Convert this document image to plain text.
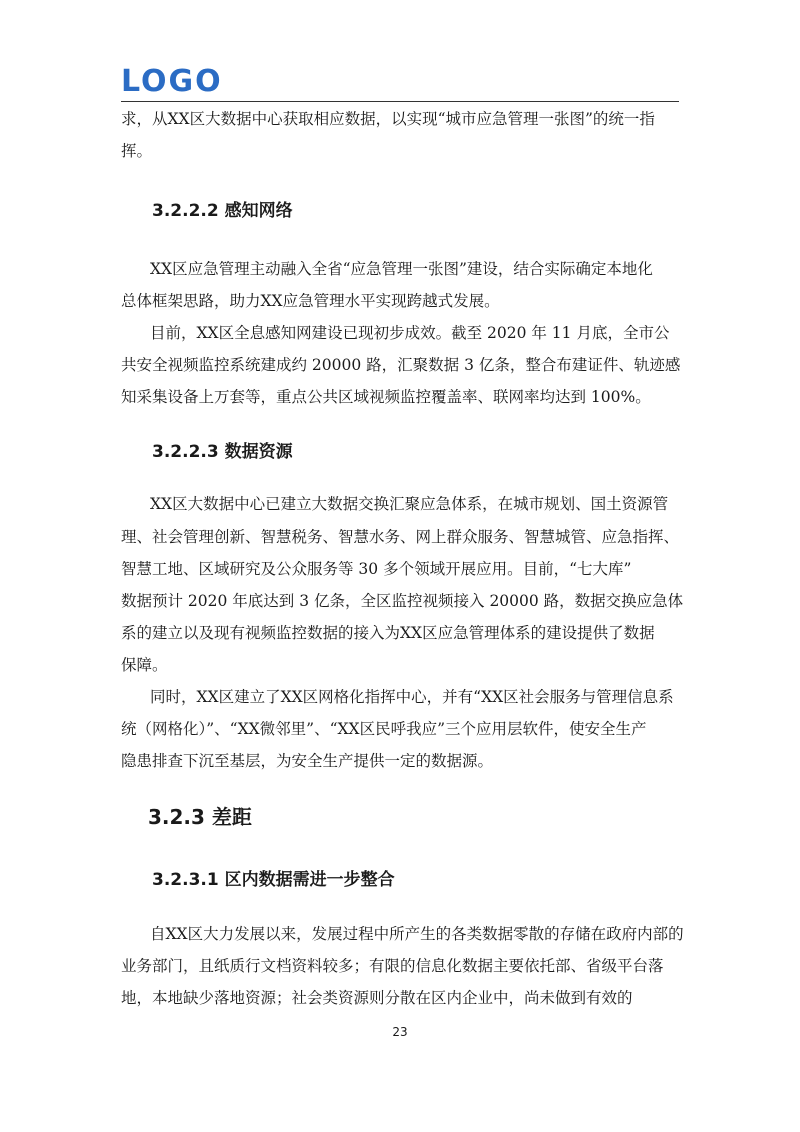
LOGO
求，从XX区大数据中心获取相应数据，以实现“城市应急管理一张图”的统一指
挥。
3.2.2.2 感知网络
XX区应急管理主动融入全省“应急管理一张图”建设，结合实际确定本地化
总体框架思路，助力XX应急管理水平实现跨越式发展。
目前，XX区全息感知网建设已现初步成效。截至 2020 年 11 月底，全市公
共安全视频监控系统建成约 20000 路，汇聚数据 3 亿条，整合布建证件、轨迹感
知采集设备上万套等，重点公共区域视频监控覆盖率、联网率均达到 100%。
3.2.2.3 数据资源
XX区大数据中心已建立大数据交换汇聚应急体系，在城市规划、国土资源管
理、社会管理创新、智慧税务、智慧水务、网上群众服务、智慧城管、应急指挥、
智慧工地、区域研究及公众服务等 30 多个领域开展应用。目前，“七大库”
数据预计 2020 年底达到 3 亿条，全区监控视频接入 20000 路，数据交换应急体
系的建立以及现有视频监控数据的接入为XX区应急管理体系的建设提供了数据
保障。
同时，XX区建立了XX区网格化指挥中心，并有“XX区社会服务与管理信息系
统（网格化）”、“XX微邻里”、“XX区民呼我应”三个应用层软件，使安全生产
隐患排查下沉至基层，为安全生产提供一定的数据源。
3.2.3 差距
3.2.3.1 区内数据需进一步整合
自XX区大力发展以来，发展过程中所产生的各类数据零散的存储在政府内部的
业务部门，且纸质行文档资料较多；有限的信息化数据主要依托部、省级平台落
地，本地缺少落地资源；社会类资源则分散在区内企业中，尚未做到有效的
23
